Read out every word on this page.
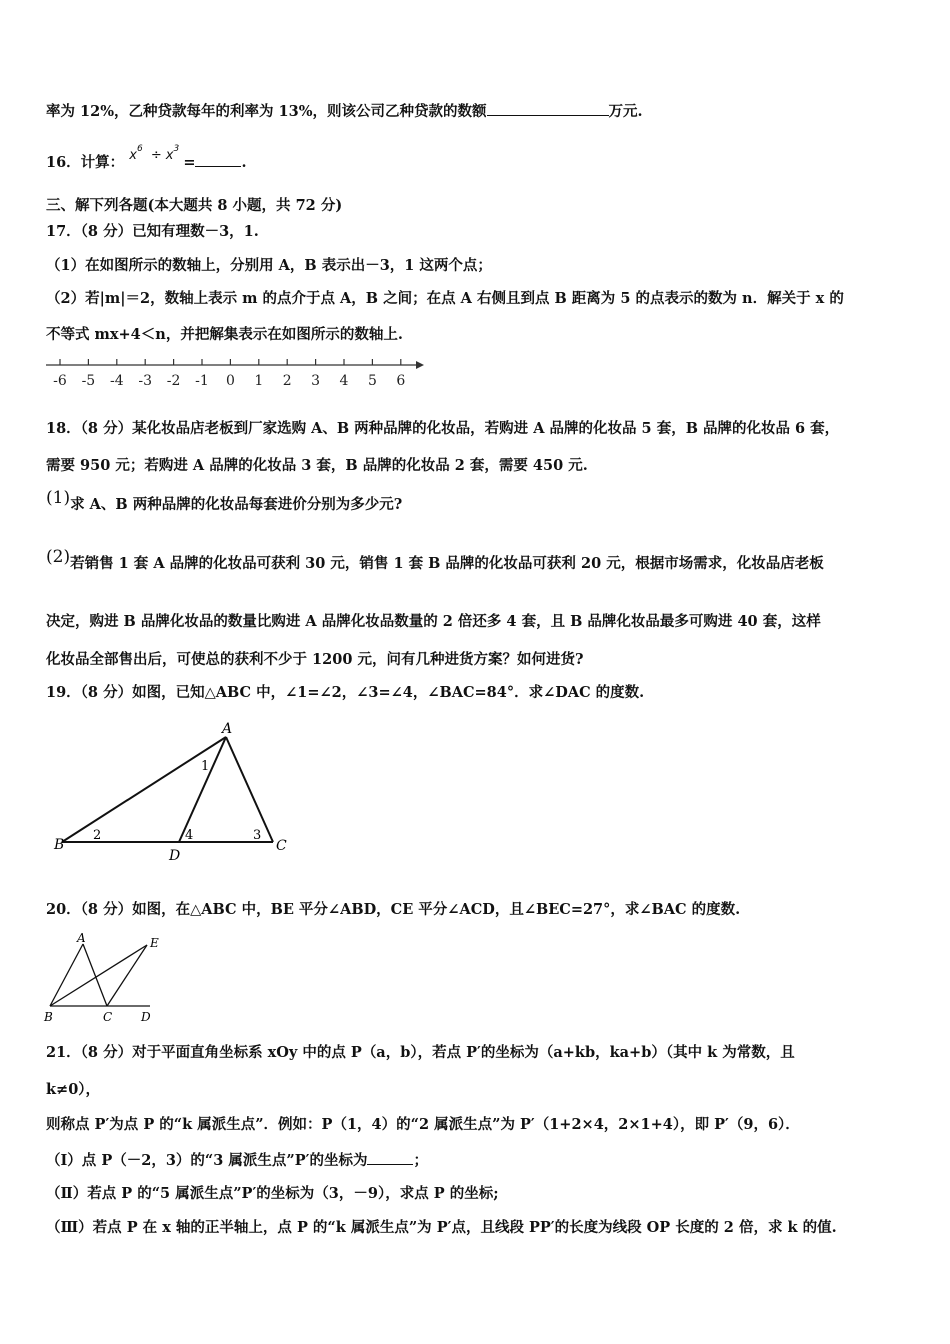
率为 12%，乙种贷款每年的利率为 13%，则该公司乙种贷款的数额	万元.
16．计算： $x^6 \div x^3$ =	.
三、解下列各题(本大题共 8 小题，共 72 分)
17．（8 分）已知有理数－3，1.
（1）在如图所示的数轴上，分别用 A，B 表示出－3，1 这两个点；
（2）若|m|＝2，数轴上表示 m 的点介于点 A，B 之间；在点 A 右侧且到点 B 距离为 5 的点表示的数为 n．解关于 x 的
不等式 mx+4＜n，并把解集表示在如图所示的数轴上.
-6 -5 -4 -3 -2 -1 0 1 2 3 4 5 6
18．（8 分）某化妆品店老板到厂家选购 A、B 两种品牌的化妆品，若购进 A 品牌的化妆品 5 套，B 品牌的化妆品 6 套，
需要 950 元；若购进 A 品牌的化妆品 3 套，B 品牌的化妆品 2 套，需要 450 元.
(1)求 A、B 两种品牌的化妆品每套进价分别为多少元?
(2)若销售 1 套 A 品牌的化妆品可获利 30 元，销售 1 套 B 品牌的化妆品可获利 20 元，根据市场需求，化妆品店老板
决定，购进 B 品牌化妆品的数量比购进 A 品牌化妆品数量的 2 倍还多 4 套，且 B 品牌化妆品最多可购进 40 套，这样
化妆品全部售出后，可使总的获利不少于 1200 元，问有几种进货方案？如何进货?
19．（8 分）如图，已知△ABC 中，∠1=∠2，∠3=∠4，∠BAC=84°．求∠DAC 的度数.
A
B	C
D
1
2	3
4
20．（8 分）如图，在△ABC 中，BE 平分∠ABD，CE 平分∠ACD，且∠BEC=27°，求∠BAC 的度数.
A
B	C D
E
21．（8 分）对于平面直角坐标系 xOy 中的点 P（a，b），若点 P′的坐标为（a+kb，ka+b）（其中 k 为常数，且
k≠0），
则称点 P′为点 P 的“k 属派生点”．例如：P（1，4）的“2 属派生点”为 P′（1+2×4，2×1+4），即 P′（9，6）．
（Ⅰ）点 P（－2，3）的“3 属派生点”P′的坐标为	；
（Ⅱ）若点 P 的“5 属派生点”P′的坐标为（3，－9），求点 P 的坐标;
（Ⅲ）若点 P 在 x 轴的正半轴上，点 P 的“k 属派生点”为 P′点，且线段 PP′的长度为线段 OP 长度的 2 倍，求 k 的值.
